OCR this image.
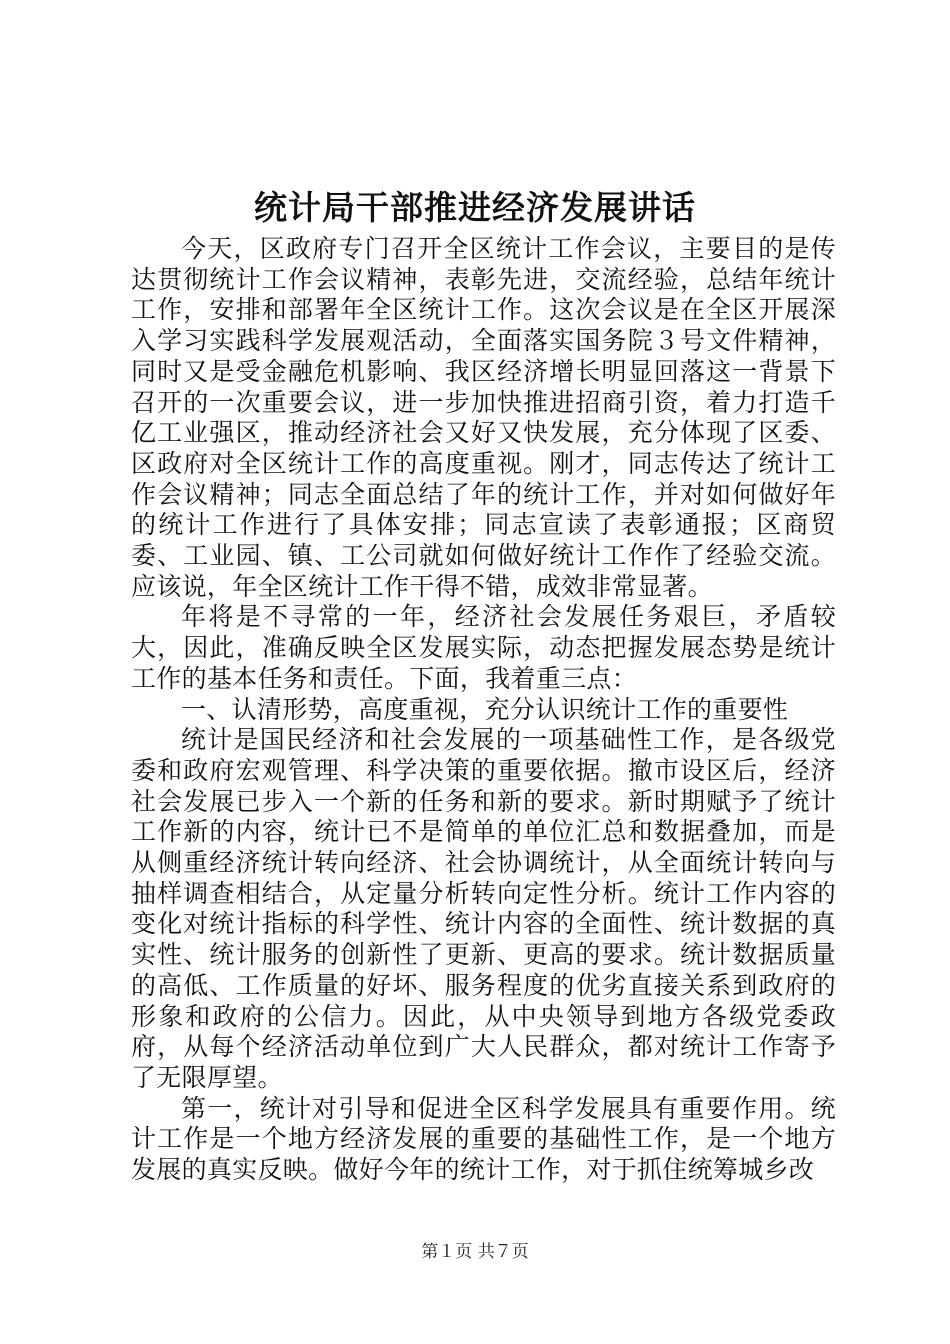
统计局干部推进经济发展讲话

今天，区政府专门召开全区统计工作会议，主要目的是传达贯彻统计工作会议精神，表彰先进，交流经验，总结年统计工作，安排和部署年全区统计工作。这次会议是在全区开展深入学习实践科学发展观活动，全面落实国务院３号文件精神，同时又是受金融危机影响、我区经济增长明显回落这一背景下召开的一次重要会议，进一步加快推进招商引资，着力打造千亿工业强区，推动经济社会又好又快发展，充分体现了区委、区政府对全区统计工作的高度重视。刚才，同志传达了统计工作会议精神；同志全面总结了年的统计工作，并对如何做好年的统计工作进行了具体安排；同志宣读了表彰通报；区商贸委、工业园、镇、工公司就如何做好统计工作作了经验交流。应该说，年全区统计工作干得不错，成效非常显著。

年将是不寻常的一年，经济社会发展任务艰巨，矛盾较大，因此，准确反映全区发展实际，动态把握发展态势是统计工作的基本任务和责任。下面，我着重三点：

一、认清形势，高度重视，充分认识统计工作的重要性

统计是国民经济和社会发展的一项基础性工作，是各级党委和政府宏观管理、科学决策的重要依据。撤市设区后，经济社会发展已步入一个新的任务和新的要求。新时期赋予了统计工作新的内容，统计已不是简单的单位汇总和数据叠加，而是从侧重经济统计转向经济、社会协调统计，从全面统计转向与抽样调查相结合，从定量分析转向定性分析。统计工作内容的变化对统计指标的科学性、统计内容的全面性、统计数据的真实性、统计服务的创新性了更新、更高的要求。统计数据质量的高低、工作质量的好坏、服务程度的优劣直接关系到政府的形象和政府的公信力。因此，从中央领导到地方各级党委政府，从每个经济活动单位到广大人民群众，都对统计工作寄予了无限厚望。

第一，统计对引导和促进全区科学发展具有重要作用。统计工作是一个地方经济发展的重要的基础性工作，是一个地方发展的真实反映。做好今年的统计工作，对于抓住统筹城乡改

第１页 共７页
